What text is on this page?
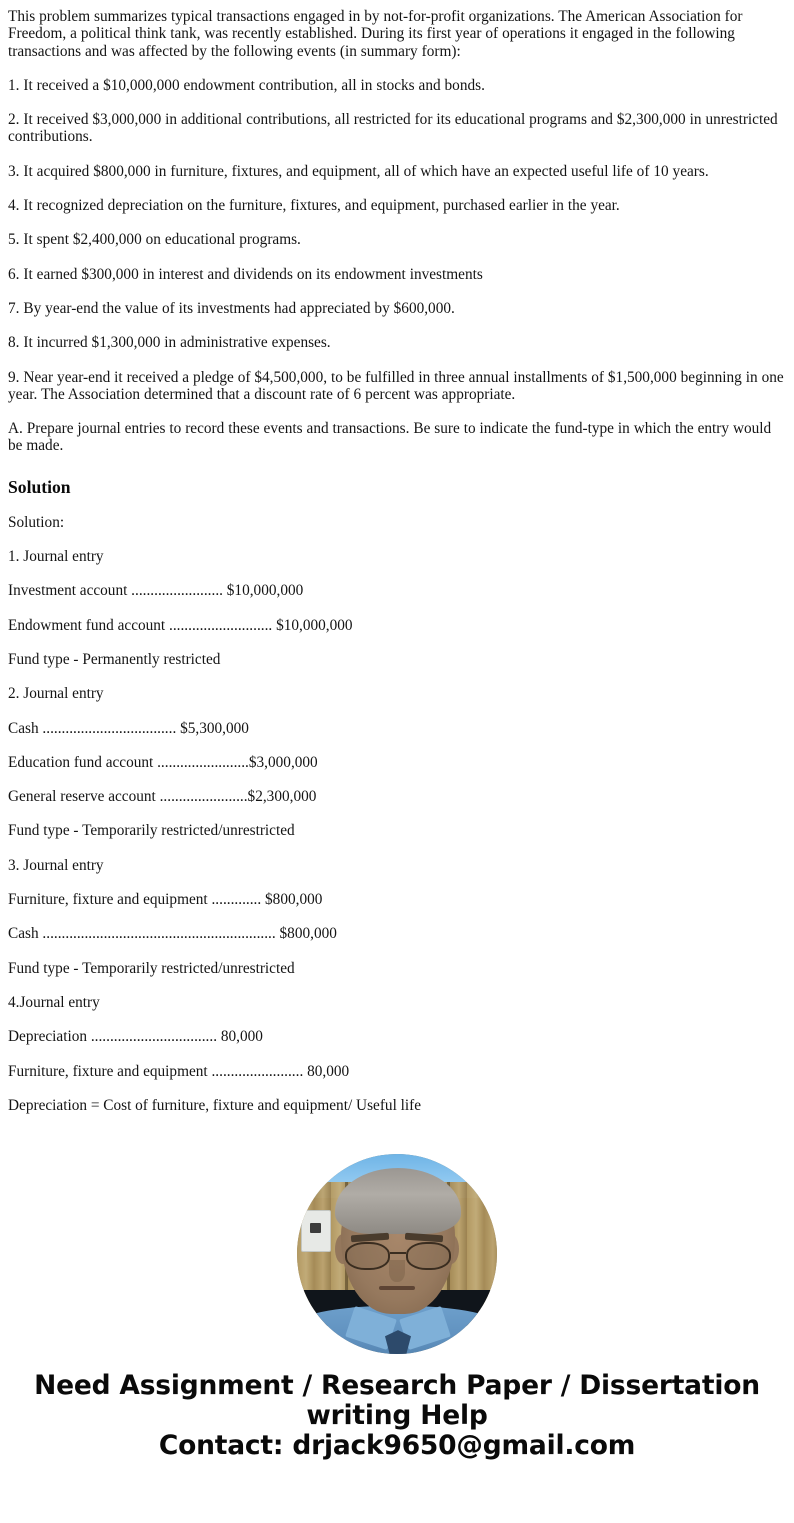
This problem summarizes typical transactions engaged in by not-for-profit organizations. The American Association for Freedom, a political think tank, was recently established. During its first year of operations it engaged in the following transactions and was affected by the following events (in summary form):

1. It received a $10,000,000 endowment contribution, all in stocks and bonds.

2. It received $3,000,000 in additional contributions, all restricted for its educational programs and $2,300,000 in unrestricted contributions.

3. It acquired $800,000 in furniture, fixtures, and equipment, all of which have an expected useful life of 10 years.

4. It recognized depreciation on the furniture, fixtures, and equipment, purchased earlier in the year.

5. It spent $2,400,000 on educational programs.

6. It earned $300,000 in interest and dividends on its endowment investments

7. By year-end the value of its investments had appreciated by $600,000.

8. It incurred $1,300,000 in administrative expenses.

9. Near year-end it received a pledge of $4,500,000, to be fulfilled in three annual installments of $1,500,000 beginning in one year. The Association determined that a discount rate of 6 percent was appropriate.

A. Prepare journal entries to record these events and transactions. Be sure to indicate the fund-type in which the entry would be made.

Solution

Solution:

1. Journal entry

Investment account ........................ $10,000,000

Endowment fund account ........................... $10,000,000

Fund type - Permanently restricted

2. Journal entry

Cash ................................... $5,300,000

Education fund account ........................$3,000,000

General reserve account .......................$2,300,000

Fund type - Temporarily restricted/unrestricted

3. Journal entry

Furniture, fixture and equipment ............. $800,000

Cash ............................................................. $800,000

Fund type - Temporarily restricted/unrestricted

4.Journal entry

Depreciation ................................. 80,000

Furniture, fixture and equipment ........................ 80,000

Depreciation = Cost of furniture, fixture and equipment/ Useful life

Need Assignment / Research Paper / Dissertation
writing Help
Contact: drjack9650@gmail.com
